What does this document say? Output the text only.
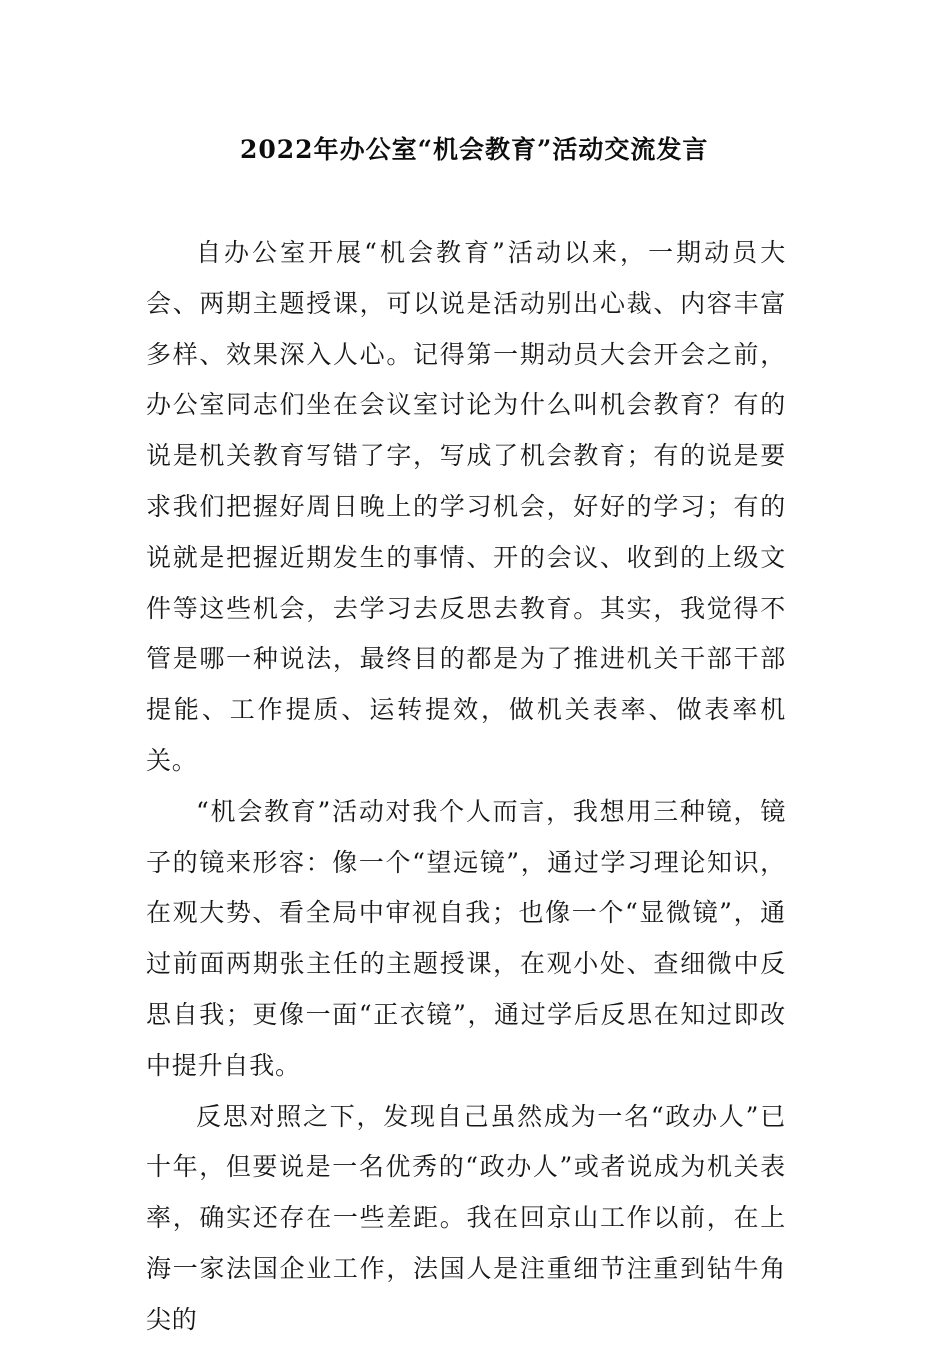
2022年办公室“机会教育”活动交流发言

自办公室开展“机会教育”活动以来，一期动员大会、两期主题授课，可以说是活动别出心裁、内容丰富多样、效果深入人心。记得第一期动员大会开会之前，办公室同志们坐在会议室讨论为什么叫机会教育？有的说是机关教育写错了字，写成了机会教育；有的说是要求我们把握好周日晚上的学习机会，好好的学习；有的说就是把握近期发生的事情、开的会议、收到的上级文件等这些机会，去学习去反思去教育。其实，我觉得不管是哪一种说法，最终目的都是为了推进机关干部干部提能、工作提质、运转提效，做机关表率、做表率机关。

“机会教育”活动对我个人而言，我想用三种镜，镜子的镜来形容：像一个“望远镜”，通过学习理论知识，在观大势、看全局中审视自我；也像一个“显微镜”，通过前面两期张主任的主题授课，在观小处、查细微中反思自我；更像一面“正衣镜”，通过学后反思在知过即改中提升自我。

反思对照之下，发现自己虽然成为一名“政办人”已十年，但要说是一名优秀的“政办人”或者说成为机关表率，确实还存在一些差距。我在回京山工作以前，在上海一家法国企业工作，法国人是注重细节注重到钻牛角尖的
